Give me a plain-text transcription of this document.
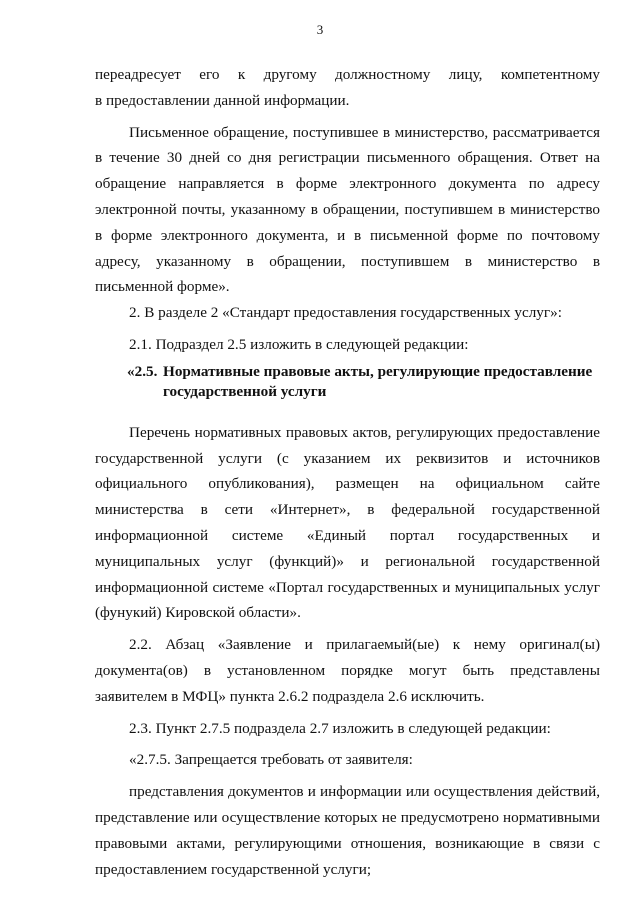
3

переадресует его к другому должностному лицу, компетентному

в предоставлении данной информации.

Письменное обращение, поступившее в министерство, рассматривается в течение 30 дней со дня регистрации письменного обращения. Ответ на обращение направляется в форме электронного документа по адресу электронной почты, указанному в обращении, поступившем в министерство в форме электронного документа, и в письменной форме по почтовому адресу, указанному в обращении, поступившем в министерство в письменной форме».

2. В разделе 2 «Стандарт предоставления государственных услуг»:

2.1. Подраздел 2.5 изложить в следующей редакции:

«2.5. Нормативные правовые акты, регулирующие предоставление
государственной услуги

Перечень нормативных правовых актов, регулирующих предоставление государственной услуги (с указанием их реквизитов и источников официального опубликования), размещен на официальном сайте министерства в сети «Интернет», в федеральной государственной информационной системе «Единый портал государственных и муниципальных услуг (функций)» и региональной государственной информационной системе «Портал государственных и муниципальных услуг (фунукий) Кировской области».

2.2. Абзац «Заявление и прилагаемый(ые) к нему оригинал(ы) документа(ов) в установленном порядке могут быть представлены заявителем в МФЦ» пункта 2.6.2 подраздела 2.6 исключить.

2.3. Пункт 2.7.5 подраздела 2.7 изложить в следующей редакции:

«2.7.5. Запрещается требовать от заявителя:

представления документов и информации или осуществления действий, представление или осуществление которых не предусмотрено нормативными правовыми актами, регулирующими отношения, возникающие в связи с предоставлением государственной услуги;
